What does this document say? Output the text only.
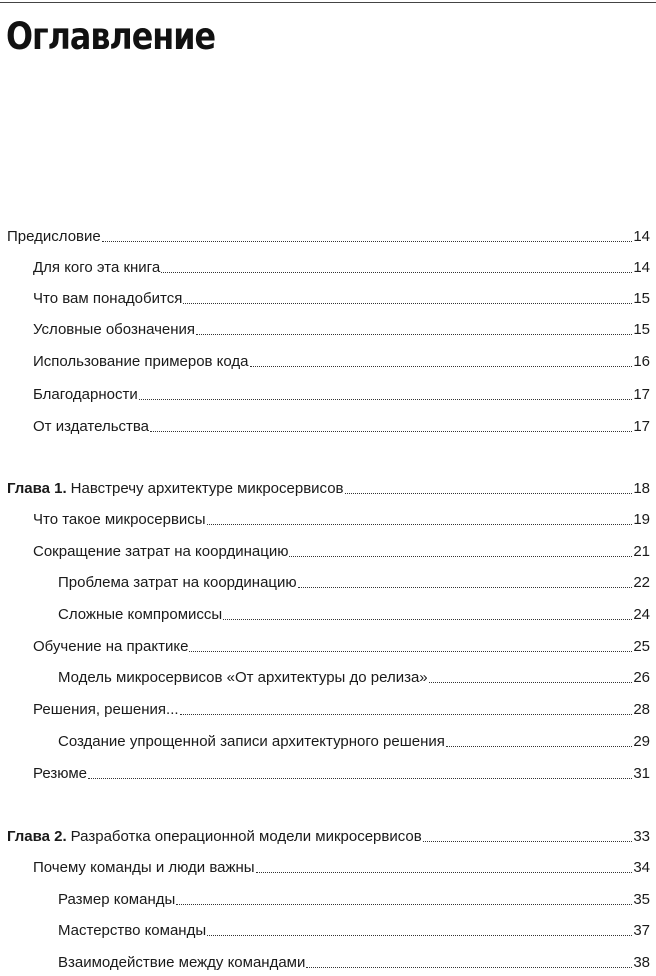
Оглавление
Предисловие	14
Для кого эта книга	14
Что вам понадобится	15
Условные обозначения	15
Использование примеров кода	16
Благодарности	17
От издательства	17
Глава 1. Навстречу архитектуре микросервисов	18
Что такое микросервисы	19
Сокращение затрат на координацию	21
Проблема затрат на координацию	22
Сложные компромиссы	24
Обучение на практике	25
Модель микросервисов «От архитектуры до релиза»	26
Решения, решения...	28
Создание упрощенной записи архитектурного решения	29
Резюме	31
Глава 2. Разработка операционной модели микросервисов	33
Почему команды и люди важны	34
Размер команды	35
Мастерство команды	37
Взаимодействие между командами	38
